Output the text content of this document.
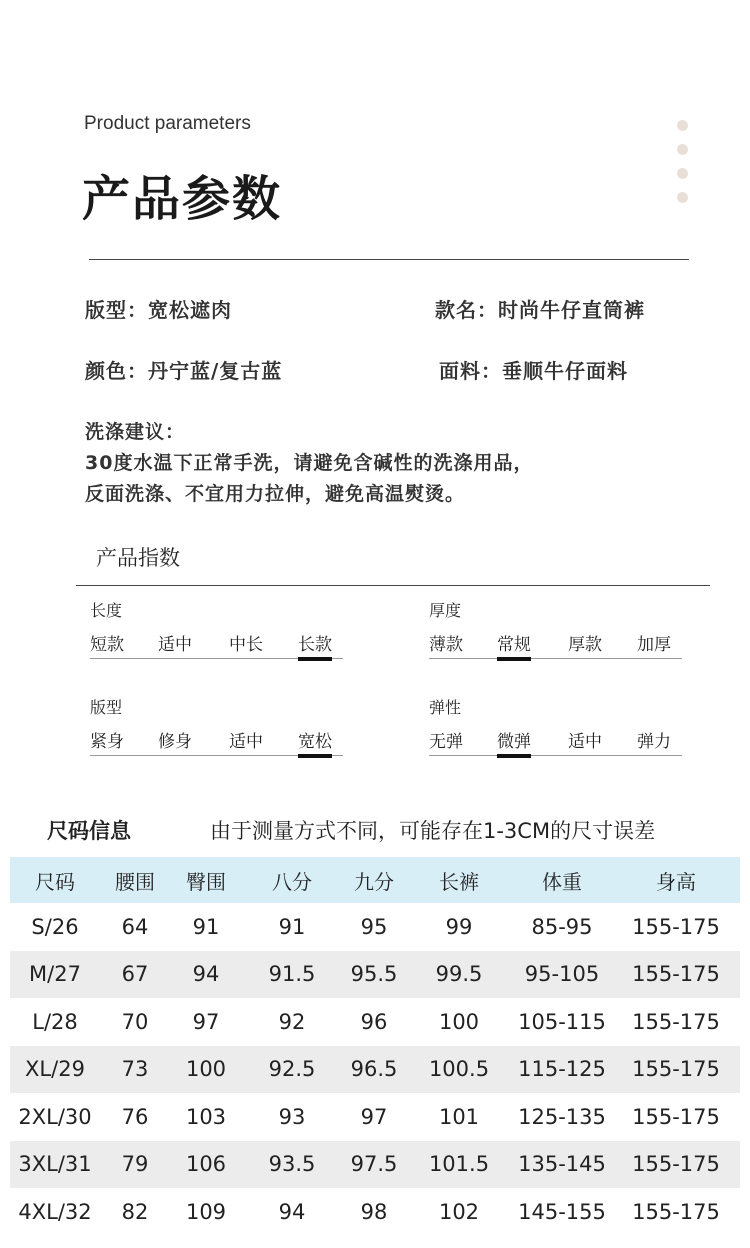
Product parameters
产品参数
版型：宽松遮肉	款名：时尚牛仔直筒裤
颜色：丹宁蓝/复古蓝	面料：垂顺牛仔面料
洗涤建议：
30度水温下正常手洗，请避免含碱性的洗涤用品，
反面洗涤、不宜用力拉伸，避免高温熨烫。
产品指数
长度
短款 适中 中长 长款
厚度
薄款 常规 厚款 加厚
版型
紧身 修身 适中 宽松
弹性
无弹 微弹 适中 弹力
尺码信息	由于测量方式不同，可能存在1-3CM的尺寸误差
尺码	腰围	臀围	八分	九分	长裤	体重	身高
S/26	64	91	91	95	99	85-95	155-175
M/27	67	94	91.5	95.5	99.5	95-105	155-175
L/28	70	97	92	96	100	105-115	155-175
XL/29	73	100	92.5	96.5	100.5	115-125	155-175
2XL/30	76	103	93	97	101	125-135	155-175
3XL/31	79	106	93.5	97.5	101.5	135-145	155-175
4XL/32	82	109	94	98	102	145-155	155-175
